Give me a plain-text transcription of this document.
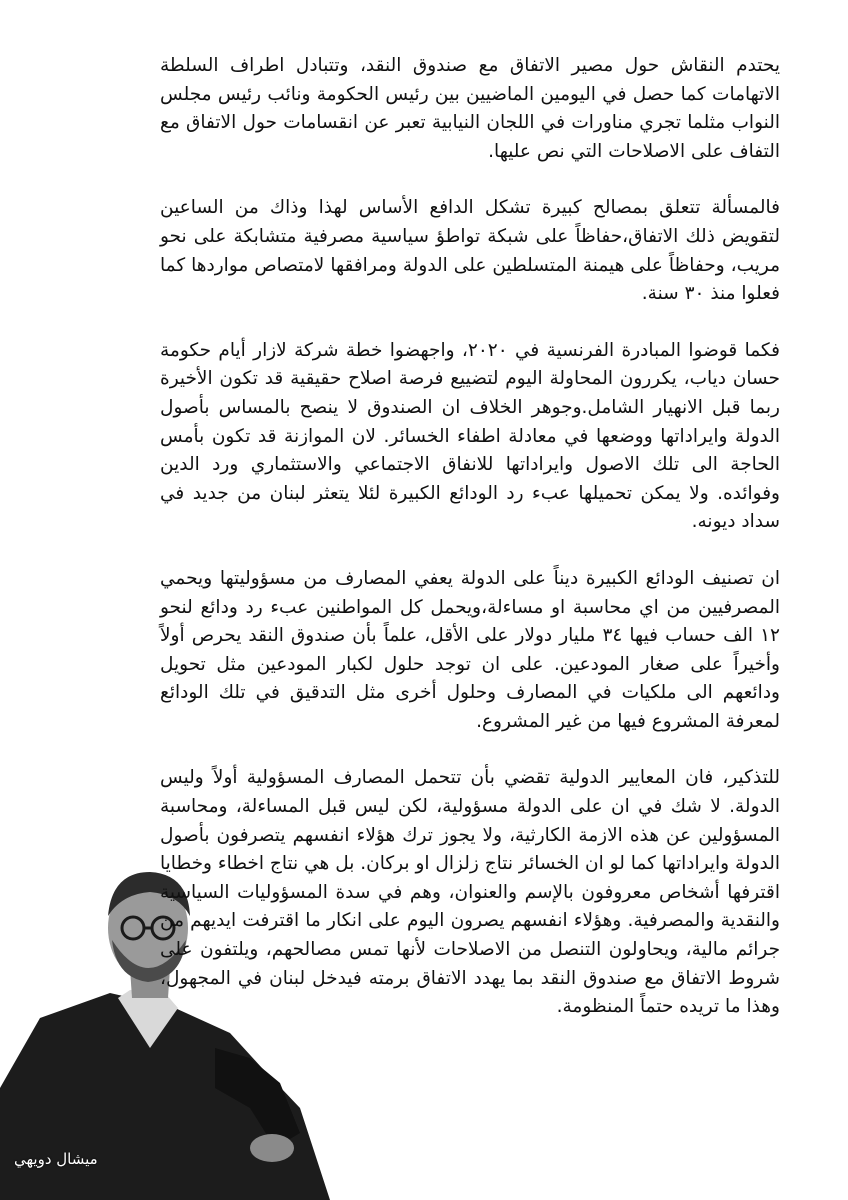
يحتدم النقاش حول مصير الاتفاق مع صندوق النقد، وتتبادل اطراف السلطة الاتهامات كما حصل في اليومين الماضيين بين رئيس الحكومة ونائب رئيس مجلس النواب مثلما تجري مناورات في اللجان النيابية تعبر عن انقسامات حول الاتفاق مع التفاف على الاصلاحات التي نص عليها.

فالمسألة تتعلق بمصالح كبيرة تشكل الدافع الأساس لهذا وذاك من الساعين لتقويض ذلك الاتفاق،حفاظاً على شبكة تواطؤ سياسية مصرفية متشابكة على نحو مريب، وحفاظاً على هيمنة المتسلطين على الدولة ومرافقها لامتصاص مواردها كما فعلوا منذ ٣٠ سنة.

فكما قوضوا المبادرة الفرنسية في ٢٠٢٠، واجهضوا خطة شركة لازار أيام حكومة حسان دياب، يكررون المحاولة اليوم لتضييع فرصة اصلاح حقيقية قد تكون الأخيرة ربما قبل الانهيار الشامل.وجوهر الخلاف ان الصندوق لا ينصح بالمساس بأصول الدولة وايراداتها ووضعها في معادلة اطفاء الخسائر. لان الموازنة قد تكون بأمس الحاجة الى تلك الاصول وايراداتها للانفاق الاجتماعي والاستثماري ورد الدين وفوائده. ولا يمكن تحميلها عبء رد الودائع الكبيرة لئلا يتعثر لبنان من جديد في سداد ديونه.

ان تصنيف الودائع الكبيرة ديناً على الدولة يعفي المصارف من مسؤوليتها ويحمي المصرفيين من اي محاسبة او مساءلة،ويحمل كل المواطنين عبء رد ودائع لنحو ١٢ الف حساب فيها ٣٤ مليار دولار على الأقل، علماً بأن صندوق النقد يحرص أولاً وأخيراً على صغار المودعين. على ان توجد حلول لكبار المودعين مثل تحويل ودائعهم الى ملكيات في المصارف وحلول أخرى مثل التدقيق في تلك الودائع لمعرفة المشروع فيها من غير المشروع.

للتذكير، فان المعايير الدولية تقضي بأن تتحمل المصارف المسؤولية أولاً وليس الدولة. لا شك في ان على الدولة مسؤولية، لكن ليس قبل المساءلة، ومحاسبة المسؤولين عن هذه الازمة الكارثية، ولا يجوز ترك هؤلاء انفسهم يتصرفون بأصول الدولة وايراداتها كما لو ان الخسائر نتاج زلزال او بركان. بل هي نتاج اخطاء وخطايا اقترفها أشخاص معروفون بالإسم والعنوان، وهم في سدة المسؤوليات السياسية والنقدية والمصرفية. وهؤلاء انفسهم يصرون اليوم على انكار ما اقترفت ايديهم من جرائم مالية، ويحاولون التنصل من الاصلاحات لأنها تمس مصالحهم، ويلتفون على شروط الاتفاق مع صندوق النقد بما يهدد الاتفاق برمته فيدخل لبنان في المجهول، وهذا ما تريده حتماً المنظومة.

ميشال دويهي
